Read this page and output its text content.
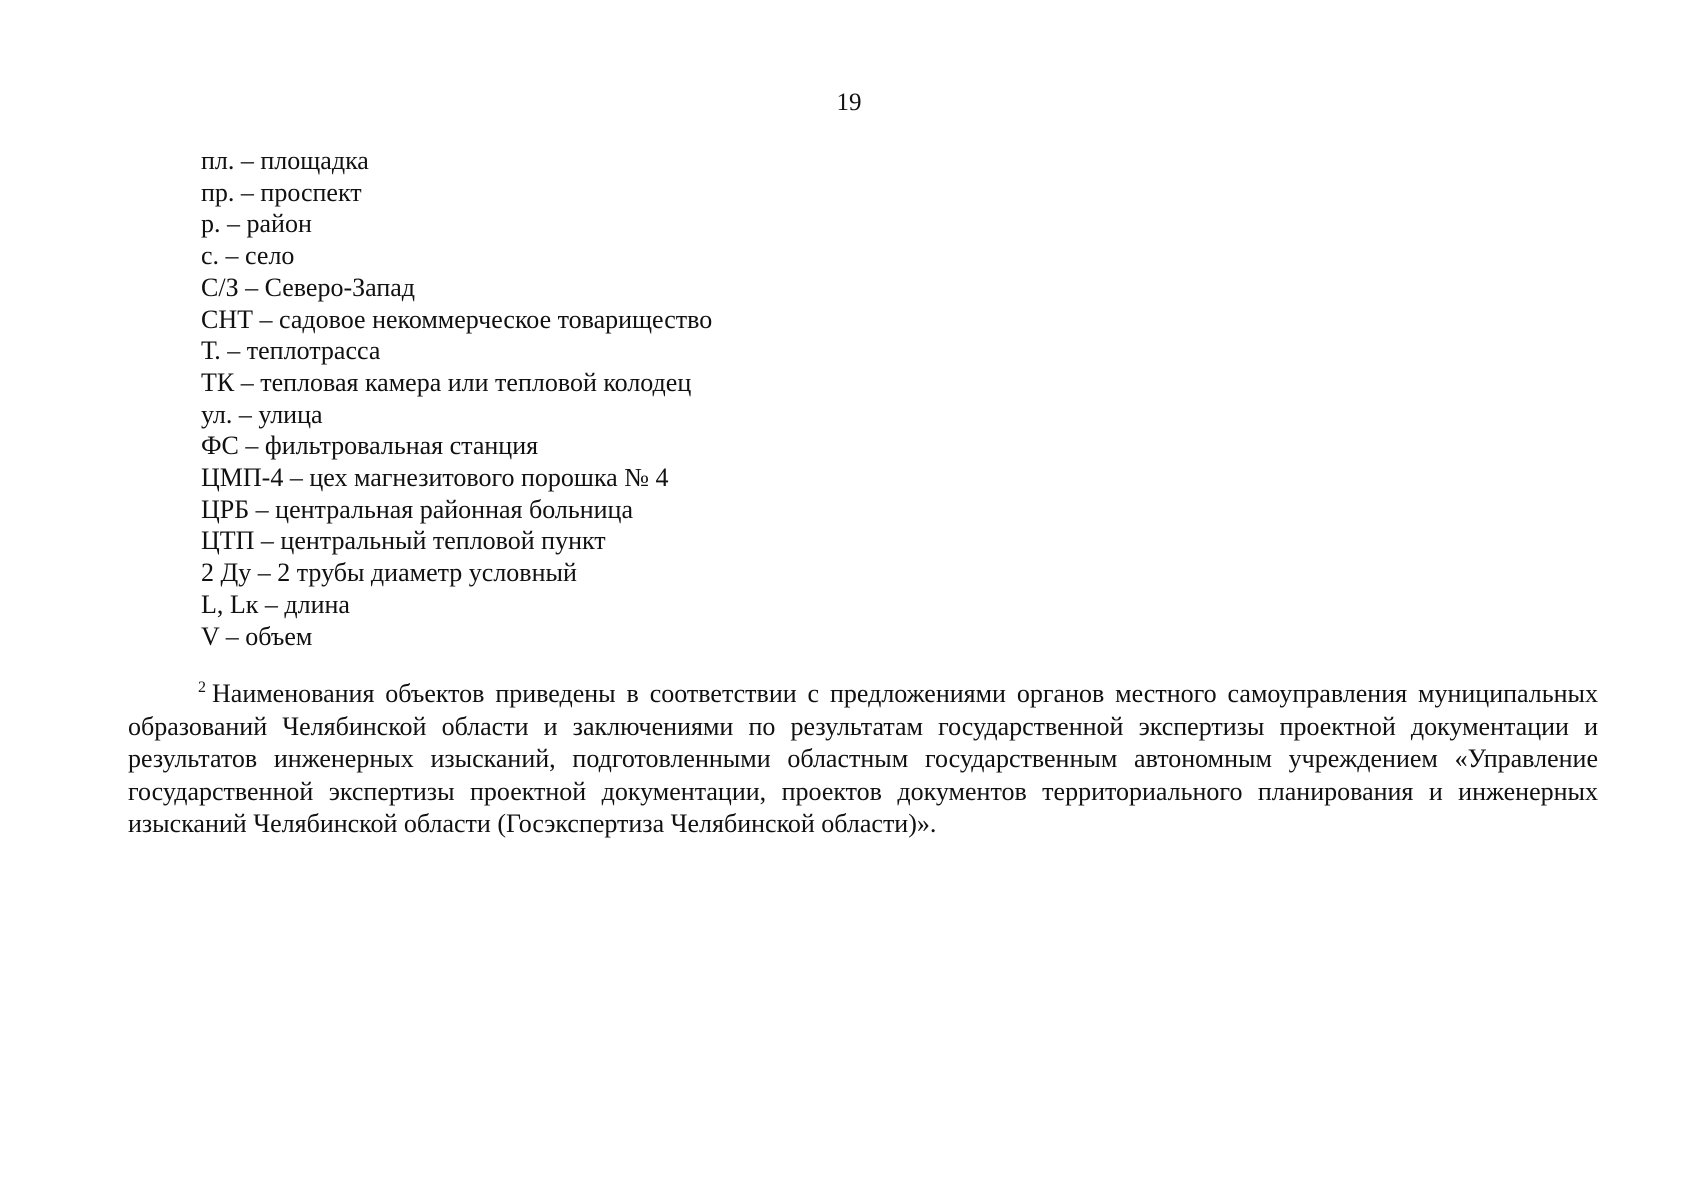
19
пл. – площадка
пр. – проспект
р. – район
с. – село
С/З – Северо-Запад
СНТ – садовое некоммерческое товарищество
Т. – теплотрасса
ТК – тепловая камера или тепловой колодец
ул. – улица
ФС – фильтровальная станция
ЦМП-4 – цех магнезитового порошка № 4
ЦРБ – центральная районная больница
ЦТП – центральный тепловой пункт
2 Ду – 2 трубы диаметр условный
L, Lк – длина
V – объем

$^2$ Наименования объектов приведены в соответствии с предложениями органов местного самоуправления муниципальных образований Челябинской области и заключениями по результатам государственной экспертизы проектной документации и результатов инженерных изысканий, подготовленными областным государственным автономным учреждением «Управление государственной экспертизы проектной документации, проектов документов территориального планирования и инженерных изысканий Челябинской области (Госэкспертиза Челябинской области)».
